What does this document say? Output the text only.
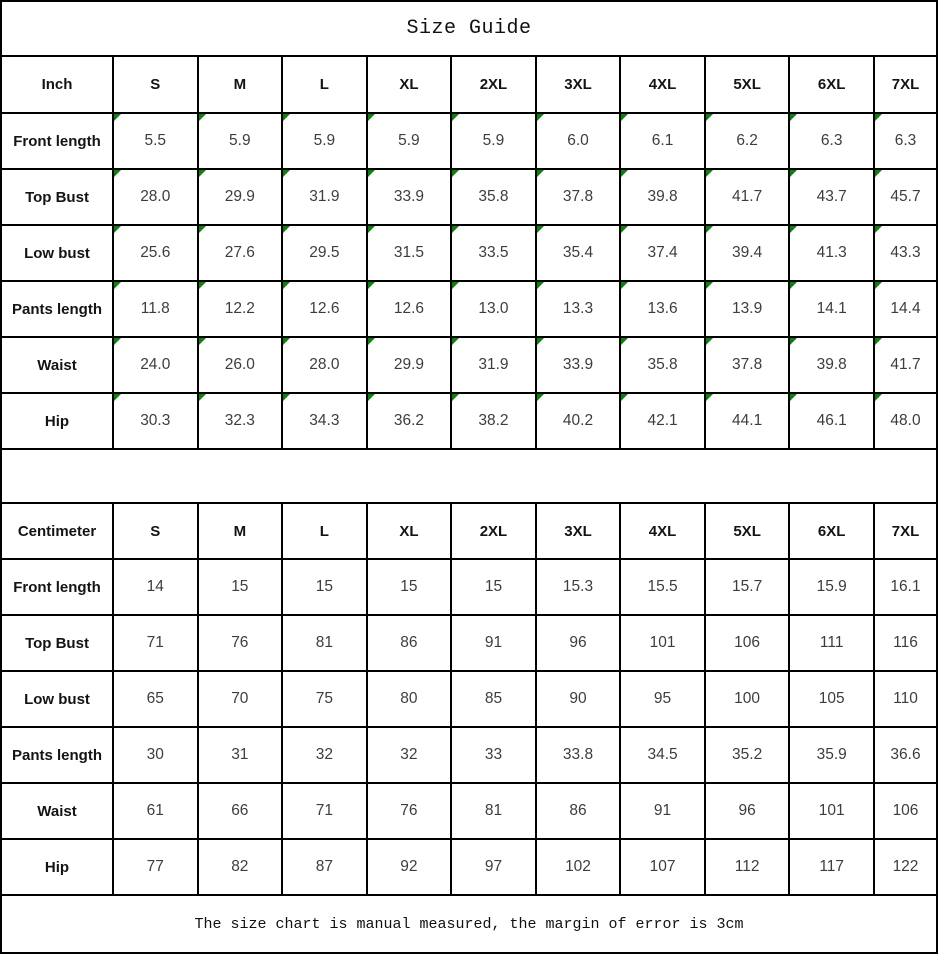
Size Guide
Inch	S	M	L	XL	2XL	3XL	4XL	5XL	6XL	7XL
Front length	5.5	5.9	5.9	5.9	5.9	6.0	6.1	6.2	6.3	6.3

Top Bust	28.0	29.9	31.9	33.9	35.8	37.8	39.8	41.7	43.7	45.7

Low bust	25.6	27.6	29.5	31.5	33.5	35.4	37.4	39.4	41.3	43.3

Pants length	11.8	12.2	12.6	12.6	13.0	13.3	13.6	13.9	14.1	14.4

Waist	24.0	26.0	28.0	29.9	31.9	33.9	35.8	37.8	39.8	41.7

Hip	30.3	32.3	34.3	36.2	38.2	40.2	42.1	44.1	46.1	48.0
Centimeter	S	M	L	XL	2XL	3XL	4XL	5XL	6XL	7XL
Front length	14	15	15	15	15	15.3	15.5	15.7	15.9	16.1
Top Bust	71	76	81	86	91	96	101	106	111	116
Low bust	65	70	75	80	85	90	95	100	105	110
Pants length	30	31	32	32	33	33.8	34.5	35.2	35.9	36.6
Waist	61	66	71	76	81	86	91	96	101	106
Hip	77	82	87	92	97	102	107	112	117	122
The size chart is manual measured, the margin of error is 3cm
